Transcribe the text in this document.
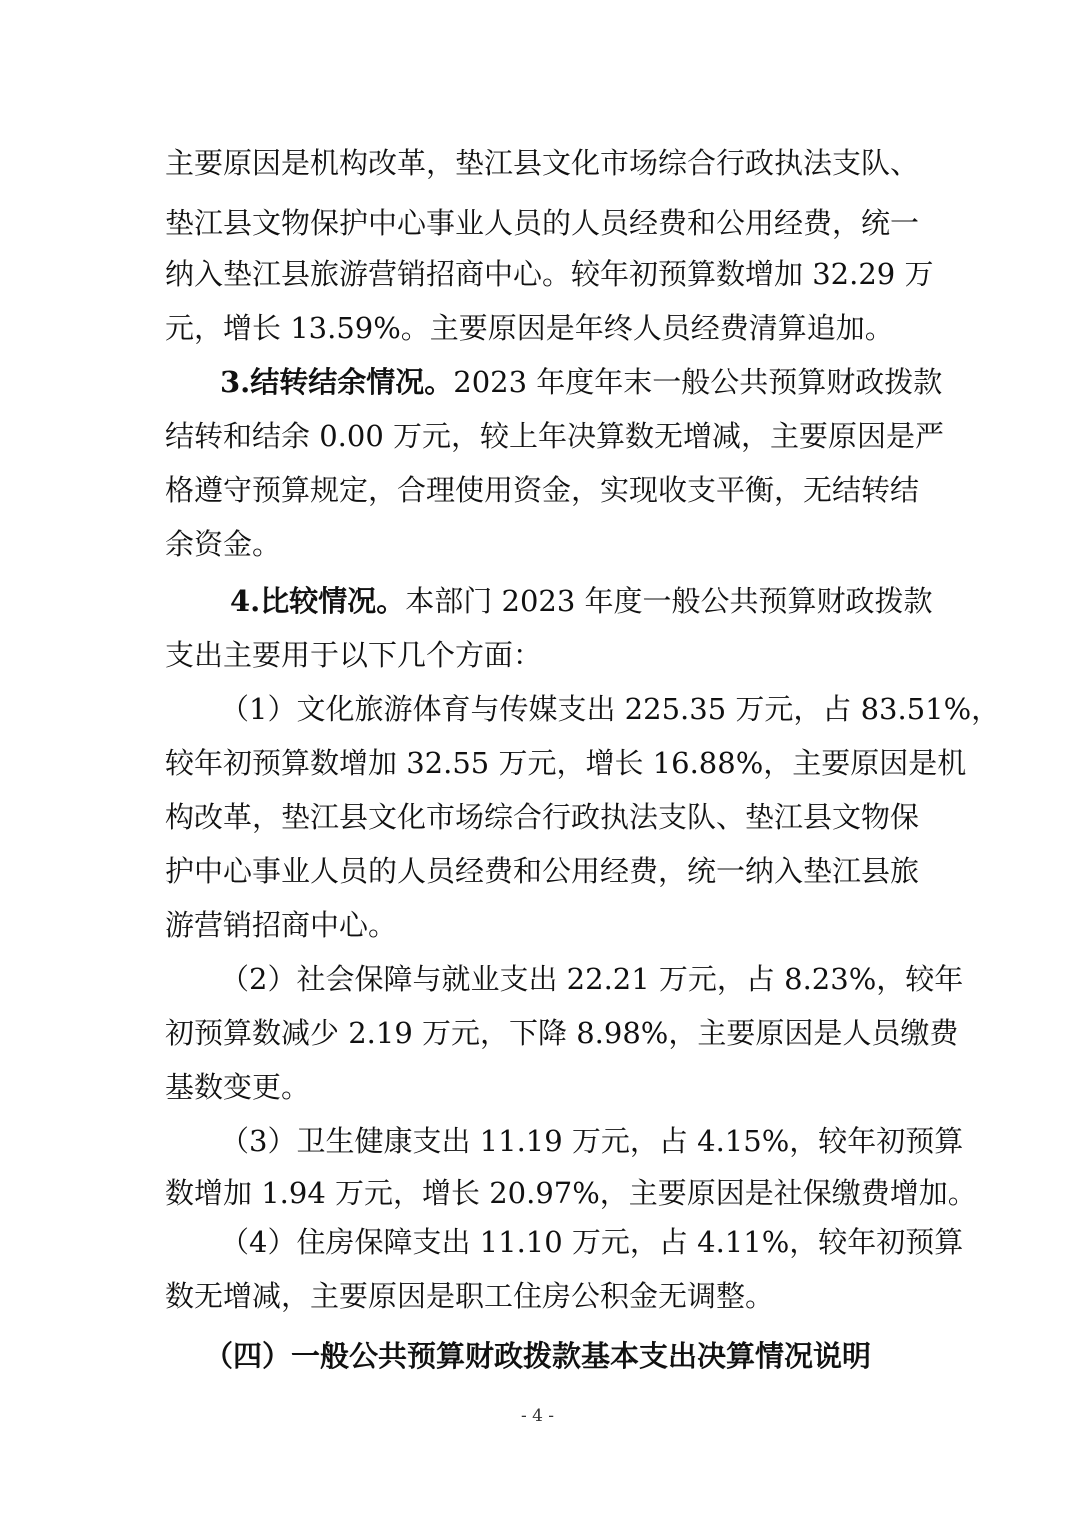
主要原因是机构改革，垫江县文化市场综合行政执法支队、
垫江县文物保护中心事业人员的人员经费和公用经费，统一
纳入垫江县旅游营销招商中心。较年初预算数增加 32.29 万
元，增长 13.59%。主要原因是年终人员经费清算追加。
3.结转结余情况。2023 年度年末一般公共预算财政拨款
结转和结余 0.00 万元，较上年决算数无增减，主要原因是严
格遵守预算规定，合理使用资金，实现收支平衡，无结转结
余资金。
4.比较情况。本部门 2023 年度一般公共预算财政拨款
支出主要用于以下几个方面：
（1）文化旅游体育与传媒支出 225.35 万元，占 83.51%，
较年初预算数增加 32.55 万元，增长 16.88%，主要原因是机
构改革，垫江县文化市场综合行政执法支队、垫江县文物保
护中心事业人员的人员经费和公用经费，统一纳入垫江县旅
游营销招商中心。
（2）社会保障与就业支出 22.21 万元，占 8.23%，较年
初预算数减少 2.19 万元，下降 8.98%，主要原因是人员缴费
基数变更。
（3）卫生健康支出 11.19 万元，占 4.15%，较年初预算
数增加 1.94 万元，增长 20.97%，主要原因是社保缴费增加。
（4）住房保障支出 11.10 万元，占 4.11%，较年初预算
数无增减，主要原因是职工住房公积金无调整。
（四）一般公共预算财政拨款基本支出决算情况说明
- 4 -
